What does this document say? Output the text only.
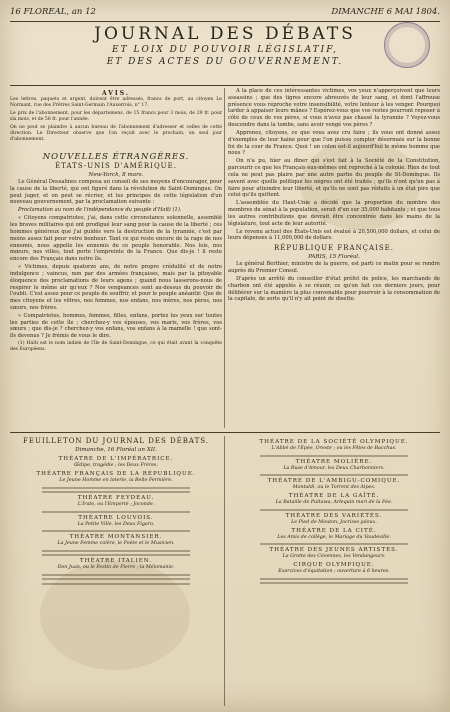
16 FLOREAL, an 12	DIMANCHE 6 MAI 1804.
JOURNAL DES DÉBATS
ET LOIX DU POUVOIR LÉGISLATIF,
ET DES ACTES DU GOUVERNEMENT.
AVIS.
Les lettres, paquets et argent, doivent être adressés, francs de port, au citoyen Le Normant, rue des Prêtres Saint-Germain l'Auxerrois, n° 17.
Le prix de l'abonnement, pour les départemens, de 15 francs pour 3 mois, de 29 fr. pour six mois, et de 56 fr. pour l'année.
On ne peut se plaindre à aucun bureau de l'abonnement d'adresser et celles de cette direction. Le Directeur observe que l'on reçoit avec le prochain, un seul jour d'abonnement.
NOUVELLES ÉTRANGÈRES.
ÉTATS-UNIS D'AMÉRIQUE.
New-Yorck, 8 mars.

Le Général Dessalines composa un conseil de ses moyens d'encourager, pour la cause de la liberté, qui ont figuré dans la révolution de Saint-Domingue. On peut juger, et on peut se récrier, et les principes de cette législation d'un nouveau gouvernement, par la proclamation suivante :

Proclamation au nom de l'indépendance du peuple d'Haïti (1).

« Citoyens compatriotes, j'ai, dans cette circonstance solennelle, assemblé les braves militaires qui ont prodigué leur sang pour la cause de la liberté ; ces hommes généreux que j'ai guidés vers la destruction de la tyrannie, c'est par moins assez fait pour votre bonheur. Tant ce qui reste encore de la rage de nos ennemis, nous appelle les ennemis de ce peuple honorable. Nos lois, nos mœurs, nos villes, tout porte l'empreinte de la France. Que dis-je ! il reste encore des Français dans notre île.

« Victimes, depuis quatorze ans, de notre propre crédulité et de notre indulgence ; vaincus, non par des armées françaises, mais par la pitoyable éloquence des proclamations de leurs agens ; quand nous lasserons-nous de respirer le même air qu'eux ? Nos vengeances sont au-dessus du pouvoir de l'oubli. C'est assez pour ce peuple de souffrir, et pour le peuple anéantir. Que de mes citoyens et les vôtres, nos femmes, nos enfans, nos mères, nos pères, nos sœurs, nos frères.

« Compatriotes, hommes, femmes, filles, enfans, portez les yeux sur toutes les parties de cette île ; cherchez-y vos épouses, vos maris, vos frères, vos sœurs ; que dis-je ? cherchez-y vos enfans, vos enfans à la mamelle ! que sont-ils devenus ? Je frémis de vous le dire.

(1) Haïti est le nom indien de l'île de Saint-Domingue, ce qui était avant la conquête des Européens.

A la place de ces intéressantes victimes, vos yeux n'apperçoivent que leurs assassins ; que des tigres encore abreuvés de leur sang, et dont l'affreuse présence vous reproche votre insensibilité, votre lenteur à les venger. Pourquoi tarder à appaiser leurs mânes ? Espérez-vous que vos restes pourront reposer à côté de ceux de vos pères, si vous n'avez pas chassé la tyrannie ? Voyez-vous descendre dans la tombe, sans avoir vengé vos pères ?

Apprenez, citoyens, ce que vous avez cru faire ; ils vous ont donné assez d'exemples de leur haine pour que l'on puisse compter désormais sur la bonne foi de la cour de France. Quoi ! un colon est-il aujourd'hui le même homme que nous ?

On n'a pu, hier au diner qui s'est fait à la Société de la Constitution, parcourir ce que les Français eux-mêmes ont reproché à la colonie. Rien de tout cela ne peut pas plaire par une autre partie du peuple de St-Domingue. Ils savent avec quelle politique les nègres ont été traités ; qu'ils n'ont qu'un pas à faire pour atteindre leur liberté, et qu'ils ne sont pas réduits à un état pire que celui qu'ils quittent.

L'assemblée du Haut-Unie a décidé que la proportion du nombre des membres du sénat à la population, serait d'un sur 35,000 habitants ; et que tous les autres contributions que devrait être concentrée dans les mains de la législature, tout acte de leur autorité.

Le revenu actuel des États-Unis est évalué à 20,500,000 dollars, et celui de leurs dépenses à 11,000,000 de dollars.

RÉPUBLIQUE FRANÇAISE.
PARIS, 15 Floréal.

Le général Berthier, ministre de la guerre, est parti ce matin pour se rendre auprès du Premier Consul.

D'après un arrêté du conseiller d'état préfet de police, les marchands de charbon ont été appelés à se réunir, ce qu'on fait ces derniers jours, pour délibérer sur la manière la plus convenable pour pourvoir à la consommation de la capitale, de sorte qu'il n'y ait point de disette.

FEUILLETON DU JOURNAL DES DÉBATS.
Dimanche, 16 Floréal an XII.
THÉATRE DE L'IMPÉRATRICE.
Œdipe, tragédie ; les Deux Frères.
THÉATRE FRANÇAIS DE LA RÉPUBLIQUE.
Le Jeune Homme en loterie, la Belle Fermière.
THÉATRE FEYDEAU.
L'Irato, ou l'Emporté ; Joconde.
THÉATRE LOUVOIS.
La Petite Ville, les Deux Figaro.
THÉATRE MONTANSIER.
La Jeune Femme colère, le Poète et le Musicien.
THÉATRE ITALIEN.
Don Juan, ou le Festin de Pierre ; la Mélomanie.
THÉATRE DE LA SOCIÉTÉ OLYMPIQUE.
L'Abbé de l'Épée, Oreste ; ou les Fêtes de Bacchus.
THÉATRE MOLIÈRE.
La Ruse d'Amour, les Deux Charbonniers.
THÉATRE DE L'AMBIGU-COMIQUE.
Montaldi, ou le Torrent des Alpes.
THÉATRE DE LA GAÎTÉ.
La Bataille de Pultawa, Arlequin mari de la Fée.
THÉATRE DES VARIÉTÉS.
Le Pied de Mouton, Jocrisse jaloux.
THÉATRE DE LA CITÉ.
Les Amis de collège, le Mariage du Vaudeville.
THÉATRE DES JEUNES ARTISTES.
La Grotte des Cévennes, les Vendangeurs.
CIRQUE OLYMPIQUE.
Exercices d'équitation ; ouverture à 6 heures.
